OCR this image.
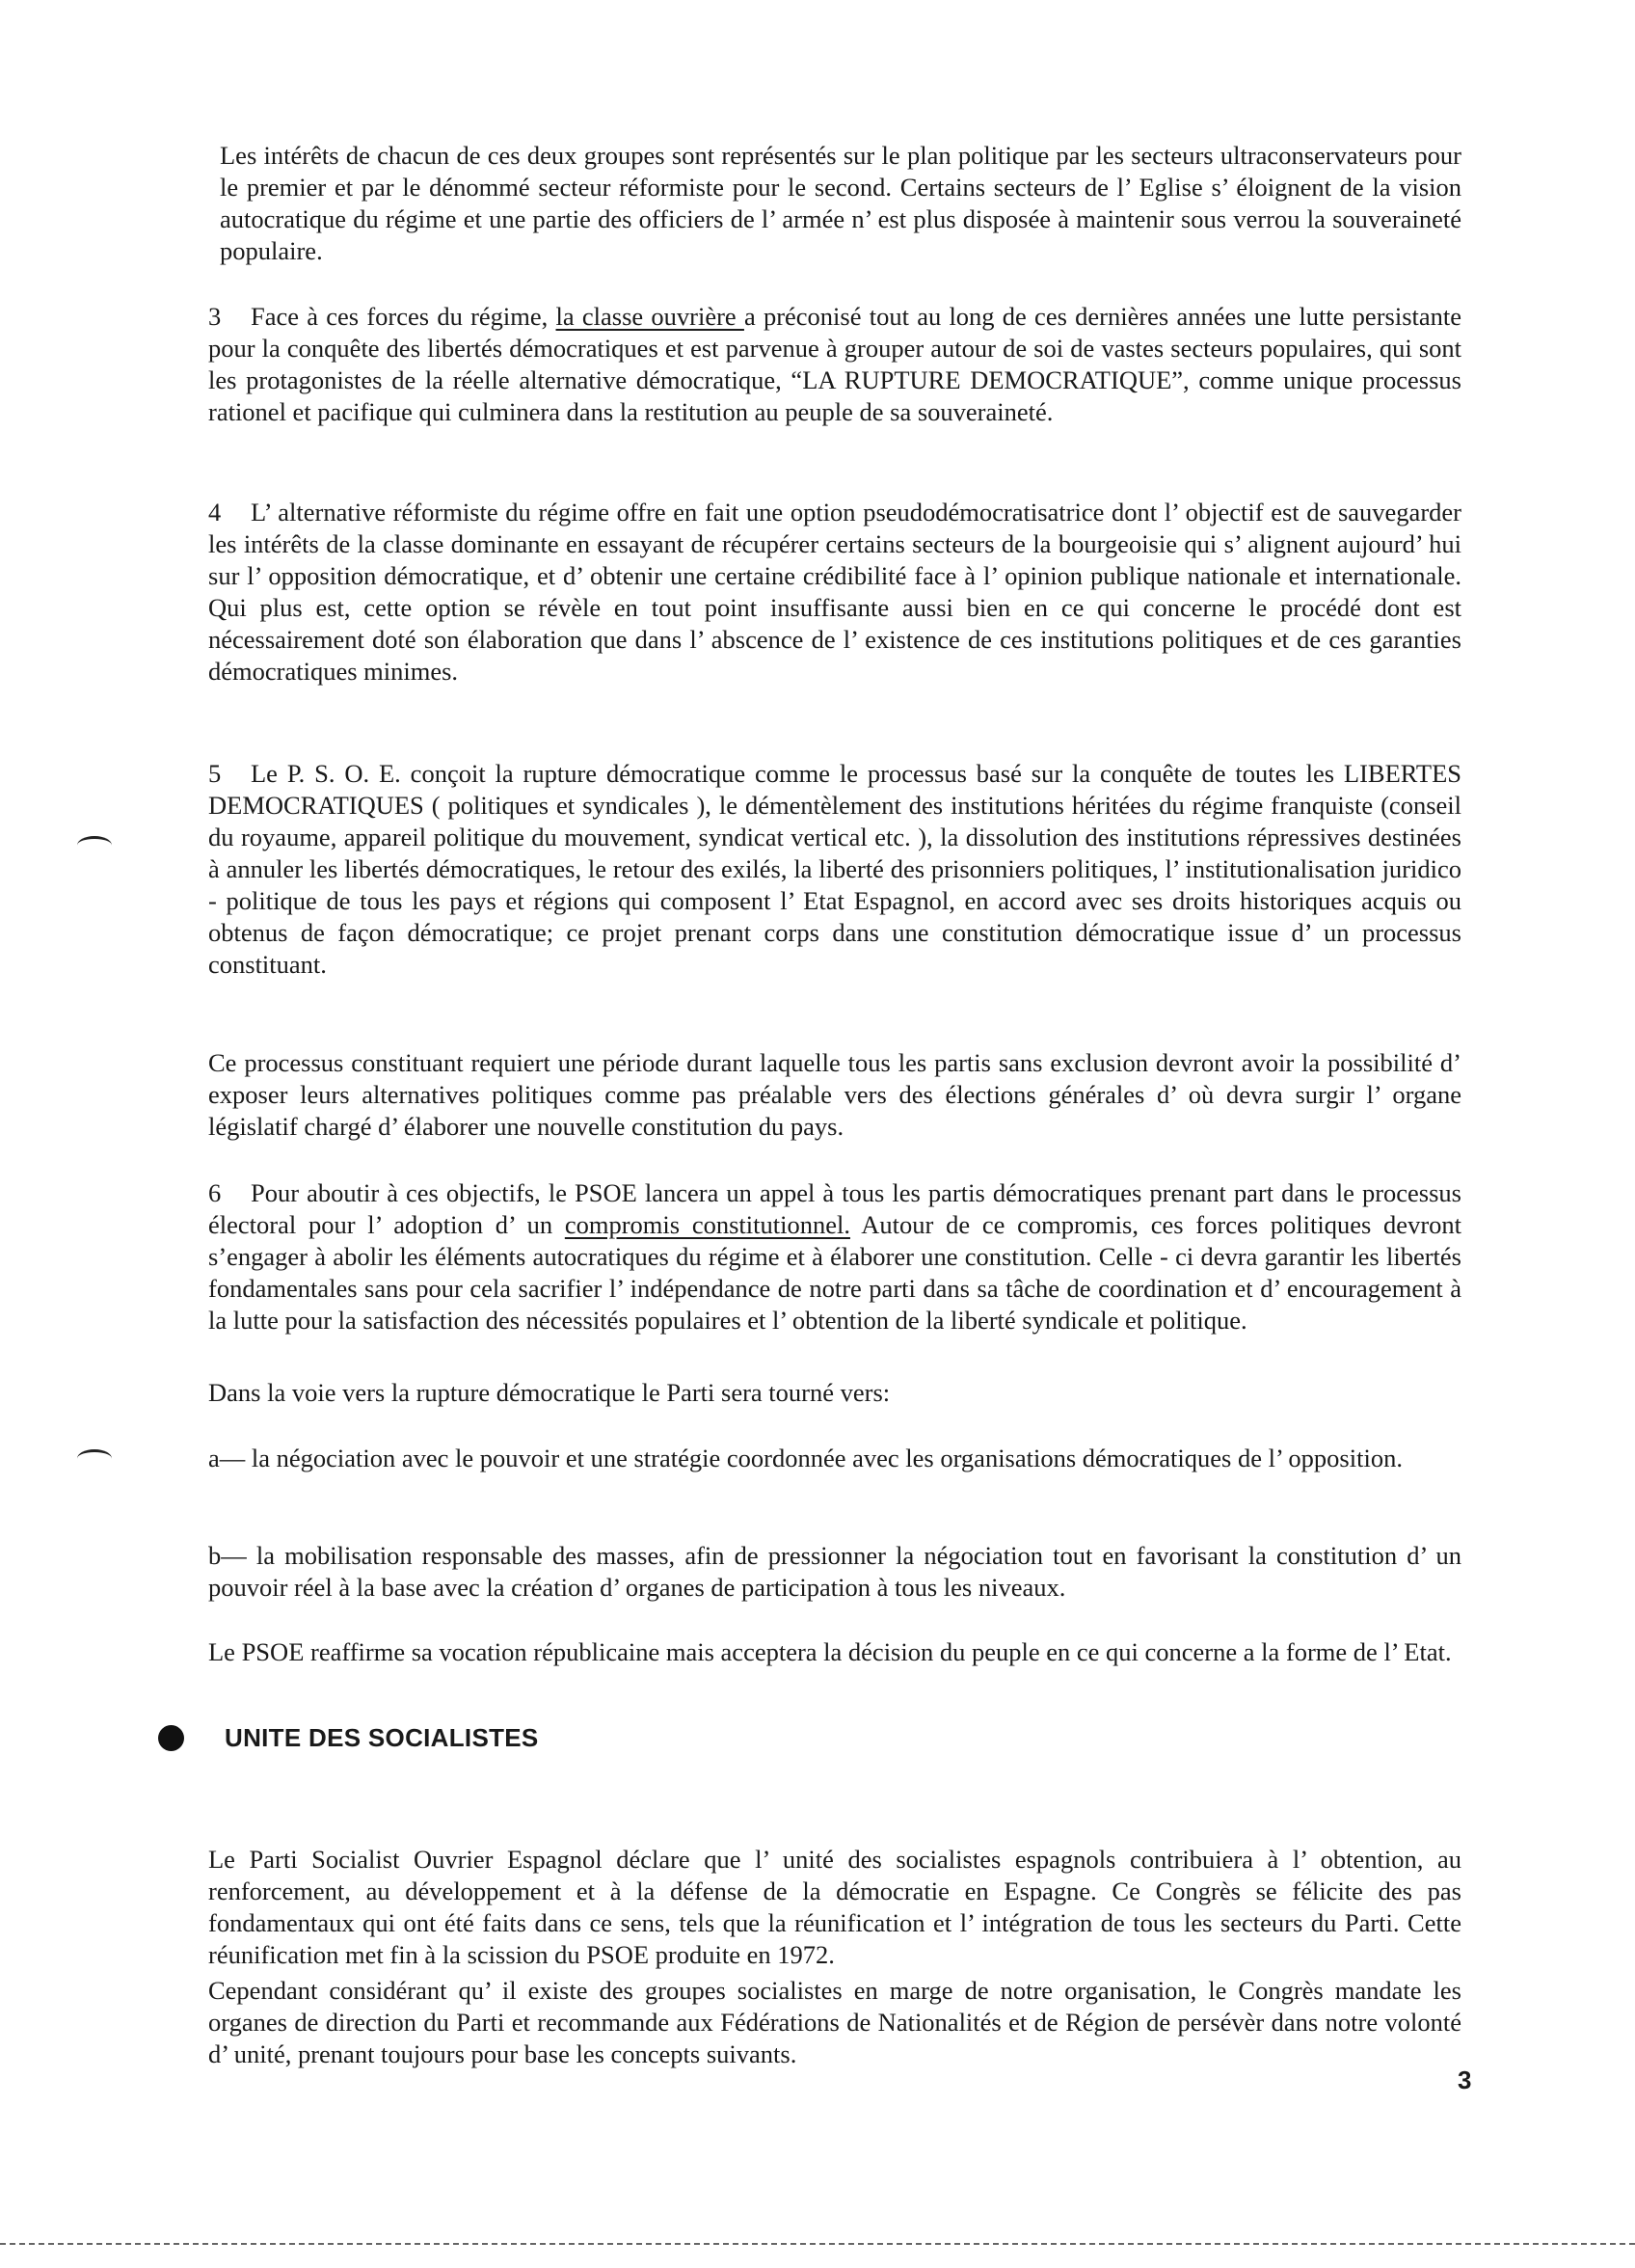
Les intérêts de chacun de ces deux groupes sont représentés sur le plan politique par les secteurs ultraconservateurs pour le premier et par le dénommé secteur réformiste pour le second. Certains secteurs de l’ Eglise s’ éloignent de la vision autocratique du régime et une partie des officiers de l’ armée n’ est plus disposée à maintenir sous verrou la souveraineté populaire.

3 Face à ces forces du régime, la classe ouvrière a préconisé tout au long de ces dernières années une lutte persistante pour la conquête des libertés démocratiques et est parvenue à grouper autour de soi de vastes secteurs populaires, qui sont les protagonistes de la réelle alternative démocratique, “LA RUPTURE DEMOCRATIQUE”, comme unique processus rationel et pacifique qui culminera dans la restitution au peuple de sa souveraineté.

4 L’ alternative réformiste du régime offre en fait une option pseudodémocratisatrice dont l’ objectif est de sauvegarder les intérêts de la classe dominante en essayant de récupérer certains secteurs de la bourgeoisie qui s’ alignent aujourd’ hui sur l’ opposition démocratique, et d’ obtenir une certaine crédibilité face à l’ opinion publique nationale et internationale. Qui plus est, cette option se révèle en tout point insuffisante aussi bien en ce qui concerne le procédé dont est nécessairement doté son élaboration que dans l’ abscence de l’ existence de ces institutions politiques et de ces garanties démocratiques minimes.

5 Le P. S. O. E. conçoit la rupture démocratique comme le processus basé sur la conquête de toutes les LIBERTES DEMOCRATIQUES ( politiques et syndicales ), le démentèlement des institutions héritées du régime franquiste (conseil du royaume, appareil politique du mouvement, syndicat vertical etc. ), la dissolution des institutions répressives destinées à annuler les libertés démocratiques, le retour des exilés, la liberté des prisonniers politiques, l’ institutionalisation juridico - politique de tous les pays et régions qui composent l’ Etat Espagnol, en accord avec ses droits historiques acquis ou obtenus de façon démocratique; ce projet prenant corps dans une constitution démocratique issue d’ un processus constituant.

Ce processus constituant requiert une période durant laquelle tous les partis sans exclusion devront avoir la possibilité d’ exposer leurs alternatives politiques comme pas préalable vers des élections générales d’ où devra surgir l’ organe législatif chargé d’ élaborer une nouvelle constitution du pays.

6 Pour aboutir à ces objectifs, le PSOE lancera un appel à tous les partis démocratiques prenant part dans le processus électoral pour l’ adoption d’ un compromis constitutionnel. Autour de ce compromis, ces forces politiques devront s’engager à abolir les éléments autocratiques du régime et à élaborer une constitution. Celle - ci devra garantir les libertés fondamentales sans pour cela sacrifier l’ indépendance de notre parti dans sa tâche de coordination et d’ encouragement à la lutte pour la satisfaction des nécessités populaires et l’ obtention de la liberté syndicale et politique.

Dans la voie vers la rupture démocratique le Parti sera tourné vers:

a— la négociation avec le pouvoir et une stratégie coordonnée avec les organisations démocratiques de l’ opposition.

b— la mobilisation responsable des masses, afin de pressionner la négociation tout en favorisant la constitution d’ un pouvoir réel à la base avec la création d’ organes de participation à tous les niveaux.

Le PSOE reaffirme sa vocation républicaine mais acceptera la décision du peuple en ce qui concerne a la forme de l’ Etat.

UNITE DES SOCIALISTES

Le Parti Socialist Ouvrier Espagnol déclare que l’ unité des socialistes espagnols contribuiera à l’ obtention, au renforcement, au développement et à la défense de la démocratie en Espagne. Ce Congrès se félicite des pas fondamentaux qui ont été faits dans ce sens, tels que la réunification et l’ intégration de tous les secteurs du Parti. Cette réunification met fin à la scission du PSOE produite en 1972.

Cependant considérant qu’ il existe des groupes socialistes en marge de notre organisation, le Congrès mandate les organes de direction du Parti et recommande aux Fédérations de Nationalités et de Région de persévèr dans notre volonté d’ unité, prenant toujours pour base les concepts suivants.

3
